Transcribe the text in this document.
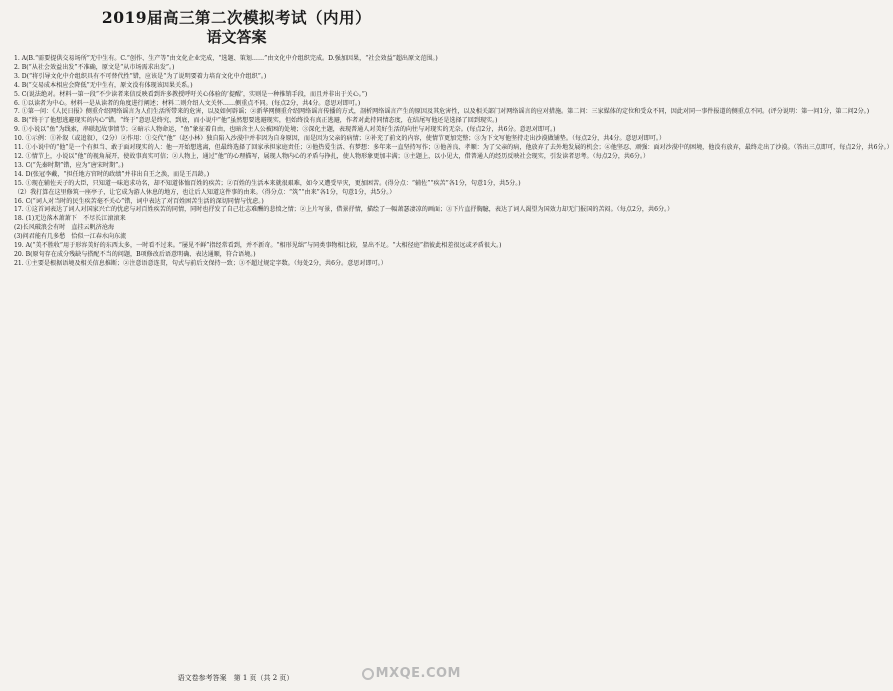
2019届高三第二次模拟考试（内用）
语文答案
1. A(B.“需要提供交易场所”无中生有。C.“创作、生产等”由文化企业完成，“选题、策划……”由文化中介组织完成。D.强加因果，“社会效益”超出原文范围。)
2. B(“从社会效益出发”不准确，原文是“从市场需求出发”。)
3. D(“将引导文化中介组织具有不可替代性”错，应该是“为了说明要着力培育文化中介组织”。)
4. B(“交易成本相应会降低”无中生有，原文没有体现该因果关系。)
5. C(说法绝对。材料一第一段“不少读者来信反映看到许多教授呼吁关心体验的‘提醒’，实则是一种推销手段，而且并非出于关心。”)
6. ①以读者为中心。材料一是从读者的角度进行阐述；材料二则介绍人文关怀……侧重点不同。(每点2分，共4分。意思对即可。)
7. ①第一问：《人民日报》侧重介绍网络谣言为人们生活所带来的危害，以及如何辟谣；②新华网侧重介绍网络谣言传播的方式，剖析网络谣言产生的原因及其危害性，以及相关部门对网络谣言的应对措施。第二问：三家媒体的定位和受众不同，因此对同一事件报道的侧重点不同。(评分说明：第一问1分，第二问2分。)
8. B(“终于了他想逃避现实的内心”错。“终于”意思是终究、到底，而小说中“他”虽然想要逃避现实，但始终没有真正逃避，作者对此持同情态度，在结尾写他还是选择了回到现实。)
9. ①小说以“鱼”为线索，串联起故事情节；②暗示人物命运，“鱼”象征着自由，也暗含主人公被困的处境；③深化主题，表现普通人对美好生活的向往与对现实的无奈。(每点2分，共6分。意思对即可。)
10. ①示例：①补叙（或追叙），（2分）②作用：①交代“他”（赵小林）独自陷入沙漠中并非因为自身原因，而是因为父亲的病情；②补充了前文的内容，使情节更加完整；③为下文写他坚持走出沙漠做铺垫。（每点2分，共4分。意思对即可。）
11. ①小说中的“他”是一个有担当、敢于面对现实的人：他一开始想逃离，但最终选择了回家承担家庭责任；②他热爱生活、有梦想：多年来一直坚持写作；③他善良、孝顺：为了父亲的病，他放弃了去外地发展的机会；④他坚忍、顽强：面对沙漠中的困境，他没有放弃，最终走出了沙漠。（答出三点即可，每点2分，共6分。）
12. ①情节上，小说以“他”的视角展开，使故事真实可信；②人物上，通过“他”的心理描写，展现人物内心的矛盾与挣扎，使人物形象更加丰满；③主题上，以小见大，借普通人的经历反映社会现实，引发读者思考。（每点2分，共6分。）
13. C(“先秦时期”错，应为“唐宋时期”。)
14. D(张冠李戴，“担任地方官时的政绩”并非出自王之涣，而是王昌龄。)
15. ①现在辅佐天子的大臣，只知道一味追求功名，却不知道体恤百姓的疾苦；②百姓的生活本来就很艰难，如今又遭受旱灾，更加困苦。(得分点：“辅佐”“疾苦”各1分，句意1分，共5分。)
（2）我打算在这里修筑一座亭子，让它成为游人休息的地方，也让后人知道这件事的由来。（得分点：“筑”“由来”各1分，句意1分，共5分。）
16. C(“词人对当时的民生疾苦毫不关心”错，词中表达了对百姓困苦生活的深切同情与忧虑。)
17. ①这首词表达了词人对国家兴亡的忧虑与对百姓疾苦的同情，同时也抒发了自己壮志难酬的悲愤之情；②上片写景，借景抒情，描绘了一幅萧瑟凄凉的画面；③下片直抒胸臆，表达了词人渴望为国效力却无门报国的苦闷。（每点2分，共6分。）
18. (1)无边落木萧萧下　不尽长江滚滚来
(2)长风破浪会有时　直挂云帆济沧海
(3)问君能有几多愁　恰似一江春水向东流
19. A(“美不胜收”用于形容美好的东西太多，一时看不过来。“屡见不鲜”指经常看到，并不新奇。“相形见绌”与同类事物相比较，显出不足。“大相径庭”指彼此相差很远或矛盾很大。)
20. B(原句存在成分残缺与搭配不当的问题，B项修改后语意明确、表达通顺，符合语境。)
21. ①主要是根据语境及相关信息推断；②注意语意连贯，句式与前后文保持一致；③不超过规定字数。（每处2分，共6分。意思对即可。）
语文卷参考答案　第 1 页（共 2 页）	MXQE.COM
